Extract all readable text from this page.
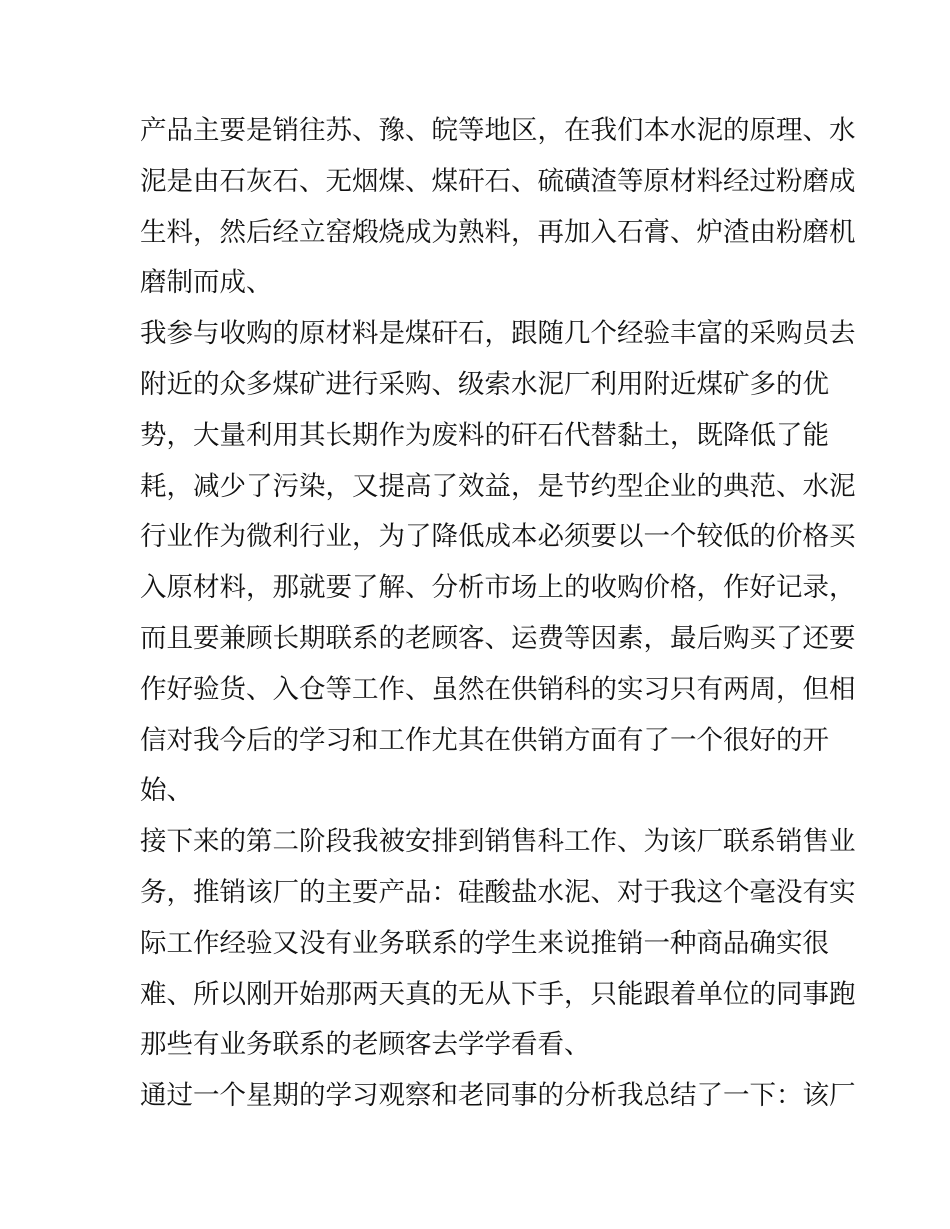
产品主要是销往苏、豫、皖等地区，在我们本水泥的原理、水
泥是由石灰石、无烟煤、煤矸石、硫磺渣等原材料经过粉磨成
生料，然后经立窑煅烧成为熟料，再加入石膏、炉渣由粉磨机
磨制而成、
我参与收购的原材料是煤矸石，跟随几个经验丰富的采购员去
附近的众多煤矿进行采购、级索水泥厂利用附近煤矿多的优
势，大量利用其长期作为废料的矸石代替黏土，既降低了能
耗，减少了污染，又提高了效益，是节约型企业的典范、水泥
行业作为微利行业，为了降低成本必须要以一个较低的价格买
入原材料，那就要了解、分析市场上的收购价格，作好记录，
而且要兼顾长期联系的老顾客、运费等因素，最后购买了还要
作好验货、入仓等工作、虽然在供销科的实习只有两周，但相
信对我今后的学习和工作尤其在供销方面有了一个很好的开
始、
接下来的第二阶段我被安排到销售科工作、为该厂联系销售业
务，推销该厂的主要产品：硅酸盐水泥、对于我这个毫没有实
际工作经验又没有业务联系的学生来说推销一种商品确实很
难、所以刚开始那两天真的无从下手，只能跟着单位的同事跑
那些有业务联系的老顾客去学学看看、
通过一个星期的学习观察和老同事的分析我总结了一下：该厂
